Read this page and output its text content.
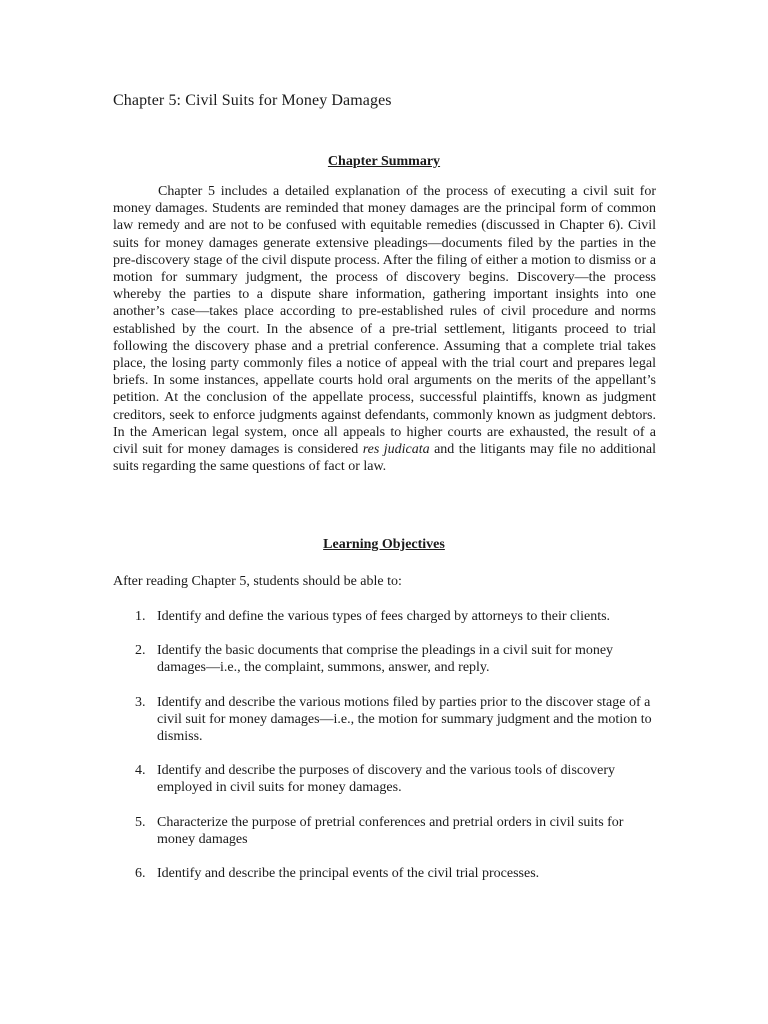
Chapter 5: Civil Suits for Money Damages
Chapter Summary

Chapter 5 includes a detailed explanation of the process of executing a civil suit for money damages. Students are reminded that money damages are the principal form of common law remedy and are not to be confused with equitable remedies (discussed in Chapter 6). Civil suits for money damages generate extensive pleadings—documents filed by the parties in the pre-discovery stage of the civil dispute process. After the filing of either a motion to dismiss or a motion for summary judgment, the process of discovery begins. Discovery—the process whereby the parties to a dispute share information, gathering important insights into one another’s case—takes place according to pre-established rules of civil procedure and norms established by the court. In the absence of a pre-trial settlement, litigants proceed to trial following the discovery phase and a pretrial conference. Assuming that a complete trial takes place, the losing party commonly files a notice of appeal with the trial court and prepares legal briefs. In some instances, appellate courts hold oral arguments on the merits of the appellant’s petition. At the conclusion of the appellate process, successful plaintiffs, known as judgment creditors, seek to enforce judgments against defendants, commonly known as judgment debtors. In the American legal system, once all appeals to higher courts are exhausted, the result of a civil suit for money damages is considered res judicata and the litigants may file no additional suits regarding the same questions of fact or law.

Learning Objectives

After reading Chapter 5, students should be able to:

1. Identify and define the various types of fees charged by attorneys to their clients.
2. Identify the basic documents that comprise the pleadings in a civil suit for money damages—i.e., the complaint, summons, answer, and reply.
3. Identify and describe the various motions filed by parties prior to the discover stage of a civil suit for money damages—i.e., the motion for summary judgment and the motion to dismiss.
4. Identify and describe the purposes of discovery and the various tools of discovery employed in civil suits for money damages.
5. Characterize the purpose of pretrial conferences and pretrial orders in civil suits for money damages
6. Identify and describe the principal events of the civil trial processes.
